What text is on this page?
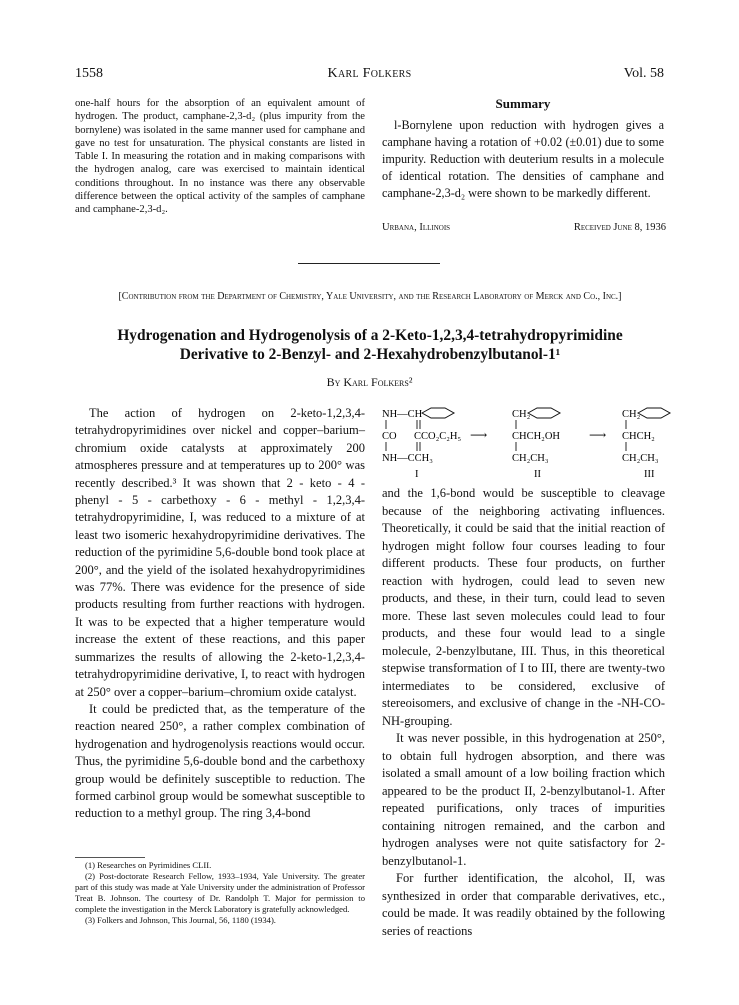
1558	Karl Folkers	Vol. 58

one-half hours for the absorption of an equivalent amount of hydrogen. The product, camphane-2,3-d₂ (plus impurity from the bornylene) was isolated in the same manner used for camphane and gave no test for unsaturation. The physical constants are listed in Table I. In measuring the rotation and in making comparisons with the hydrogen analog, care was exercised to maintain identical conditions throughout. In no instance was there any observable difference between the optical activity of the samples of camphane and camphane-2,3-d₂.

Summary

l-Bornylene upon reduction with hydrogen gives a camphane having a rotation of +0.02 (±0.01) due to some impurity. Reduction with deuterium results in a molecule of identical rotation. The densities of camphane and camphane-2,3-d₂ were shown to be markedly different.

Urbana, Illinois	Received June 8, 1936
[Contribution from the Department of Chemistry, Yale University, and the Research Laboratory of Merck and Co., Inc.]
Hydrogenation and Hydrogenolysis of a 2-Keto-1,2,3,4-tetrahydropyrimidine
Derivative to 2-Benzyl- and 2-Hexahydrobenzylbutanol-1¹
By Karl Folkers²

The action of hydrogen on 2-keto-1,2,3,4-tetrahydropyrimidines over nickel and copper–barium–chromium oxide catalysts at approximately 200 atmospheres pressure and at temperatures up to 200° was recently described.³ It was shown that 2 - keto - 4 - phenyl - 5 - carbethoxy - 6 - methyl - 1,2,3,4-tetrahydropyrimidine, I, was reduced to a mixture of at least two isomeric hexahydropyrimidine derivatives. The reduction of the pyrimidine 5,6-double bond took place at 200°, and the yield of the isolated hexahydropyrimidines was 77%. There was evidence for the presence of side products resulting from further reactions with hydrogen. It was to be expected that a higher temperature would increase the extent of these reactions, and this paper summarizes the results of allowing the 2-keto-1,2,3,4-tetrahydropyrimidine derivative, I, to react with hydrogen at 250° over a copper–barium–chromium oxide catalyst.

It could be predicted that, as the temperature of the reaction neared 250°, a rather complex combination of hydrogenation and hydrogenolysis reactions would occur. Thus, the pyrimidine 5,6-double bond and the carbethoxy group would be definitely susceptible to reduction. The formed carbinol group would be somewhat susceptible to reduction to a methyl group. The ring 3,4-bond

(1) Researches on Pyrimidines CLII.

(2) Post-doctorate Research Fellow, 1933–1934, Yale University. The greater part of this study was made at Yale University under the administration of Professor Treat B. Johnson. The courtesy of Dr. Randolph T. Major for permission to complete the investigation in the Merck Laboratory is gratefully acknowledged.

(3) Folkers and Johnson, This Journal, 56, 1180 (1934).

NH—CH
CO CCO₂C₂H₅
NH—CCH₃
I
⟶
CH₂
CHCH₂OH
CH₂CH₃
II
⟶
CH₂
CHCH₂
CH₂CH₃
III

and the 1,6-bond would be susceptible to cleavage because of the neighboring activating influences. Theoretically, it could be said that the initial reaction of hydrogen might follow four courses leading to four different products. These four products, on further reaction with hydrogen, could lead to seven new products, and these, in their turn, could lead to seven more. These last seven molecules could lead to four products, and these four would lead to a single molecule, 2-benzylbutane, III. Thus, in this theoretical stepwise transformation of I to III, there are twenty-two intermediates to be considered, exclusive of stereoisomers, and exclusive of change in the -NH-CO-NH-grouping.

It was never possible, in this hydrogenation at 250°, to obtain full hydrogen absorption, and there was isolated a small amount of a low boiling fraction which appeared to be the product II, 2-benzylbutanol-1. After repeated purifications, only traces of impurities containing nitrogen remained, and the carbon and hydrogen analyses were not quite satisfactory for 2-benzylbutanol-1.

For further identification, the alcohol, II, was synthesized in order that comparable derivatives, etc., could be made. It was readily obtained by the following series of reactions
